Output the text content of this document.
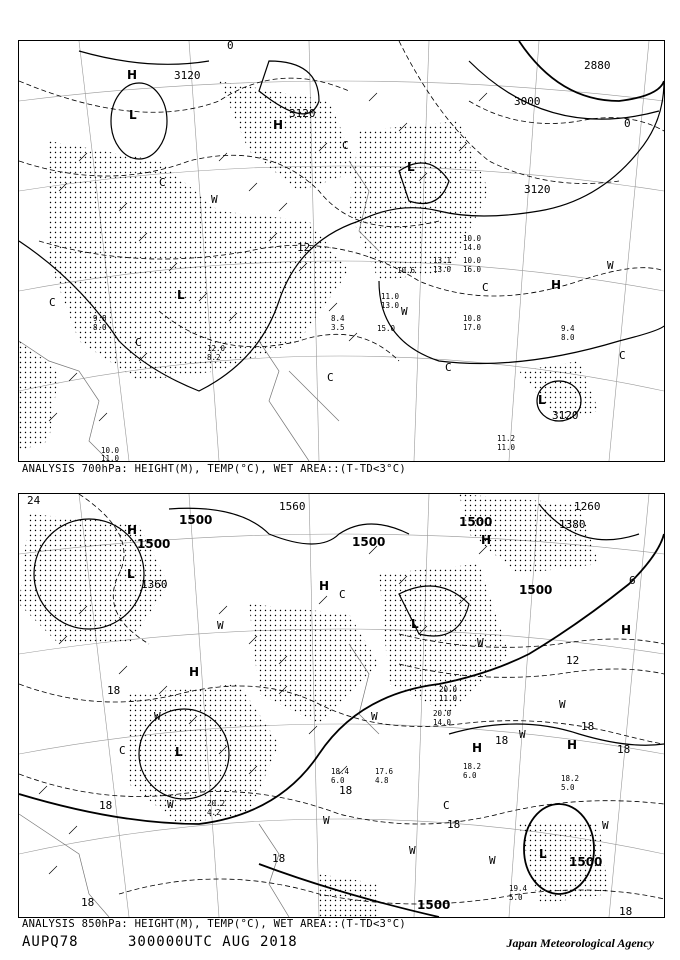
3120
3120
3120
3000
2880
3120
12
0
0
H
L
H
L
L
H
L
W
C
C
C
C
C
C
W
W
C
C
11.2
11.0
10.8
17.0	9.4
8.0
11.0
13.0
10.0
14.0
10.0
16.0
13.1
13.0
10.6
15.0
8.4
3.5
12.0
8.2
10.0
11.0
9.8
8.0
ANALYSIS 700hPa: HEIGHT(M), TEMP(°C), WET AREA::(T-TD<3°C)
1500
1500
1500
1360	1500
1500
1500
1380
1260
1500
1560
24
18
18
18
18
18
18
18
18
12
18
18
6
H
L
H
H
L
H
L
H
H	H
L
W
W
W
W
C
W
W
W
W
C
W
C
W
W
18.2
5.0
19.4
5.0
18.2
6.0
20.0
14.0
20.0
11.0
18.4
6.0
17.6
4.8
20.2
4.2
ANALYSIS 850hPa: HEIGHT(M), TEMP(°C), WET AREA::(T-TD<3°C)
AUPQ78	300000UTC AUG 2018	Japan Meteorological Agency
